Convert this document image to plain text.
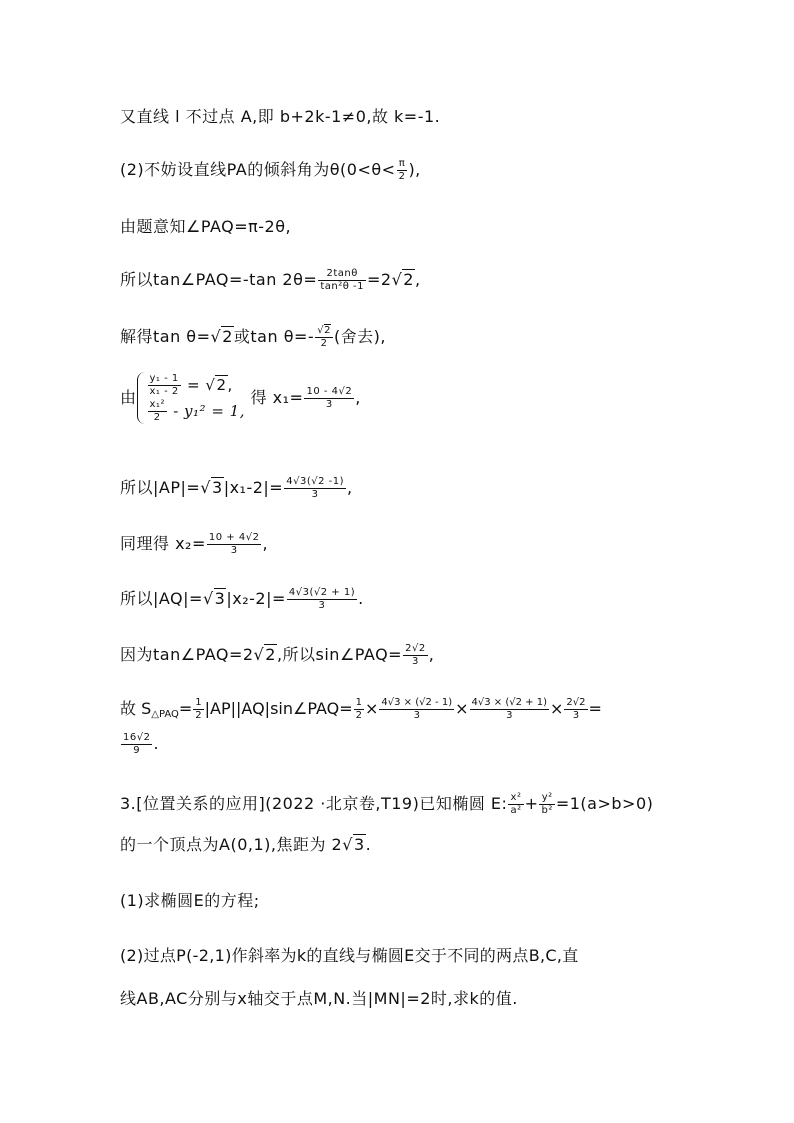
又直线 l 不过点 A,即 b+2k-1≠0,故 k=-1.
(2)不妨设直线PA的倾斜角为$\theta(0<\theta< \frac{\pi}{2}$ ),
由题意知∠PAQ=π-2θ,
所以tan∠PAQ=-tan $2\theta= \frac{2\tan\theta}{\text{tan²θ -1}} =2√2$,
解得tan θ=√2或$\tan \theta=- \frac{√2}{2}$ (舍去),
由 $\frac{\text{y₁ - 1}}{\text{x₁ - 2}} = √2$,
$\frac{\text{x₁²}}{2} - y_1^2 = 1$,
得 $x_1= \frac{10 - 4√2}{3}$ ,
所以$|AP|=√3|x_1-2|= \frac{4√3(√2 -1)}{3}$ ,
同理得 $x_2= \frac{10 + 4√2}{3}$ ,
所以$|AQ|=√3|x_2-2|= \frac{4√3(√2 + 1)}{3}$ .
因为tan∠PAQ=2√2,所以sin∠PAQ= $\frac{2√2}{3}$ ,
故 $S_{\triangle PAQ}= \frac{1}{2}$ |AP||AQ|sin∠PAQ= $\frac{1}{2} \times \frac{4√3 \times (√2 - 1)}{3} \times \frac{4√3 \times (√2 + 1)}{3} \times \frac{2√2}{3}$ =
$\frac{16√2}{9}$ .
3.[位置关系的应用](2022 ·北京卷,T19)已知椭圆 E: $\frac{\text{x²}}{\text{a²}} + \frac{\text{y²}}{\text{b²}} =1(a>b>0)$
的一个顶点为A(0,1),焦距为 2√3.
(1)求椭圆E的方程;
(2)过点P(-2,1)作斜率为k的直线与椭圆E交于不同的两点B,C,直
线AB,AC分别与x轴交于点M,N.当|MN|=2时,求k的值.
